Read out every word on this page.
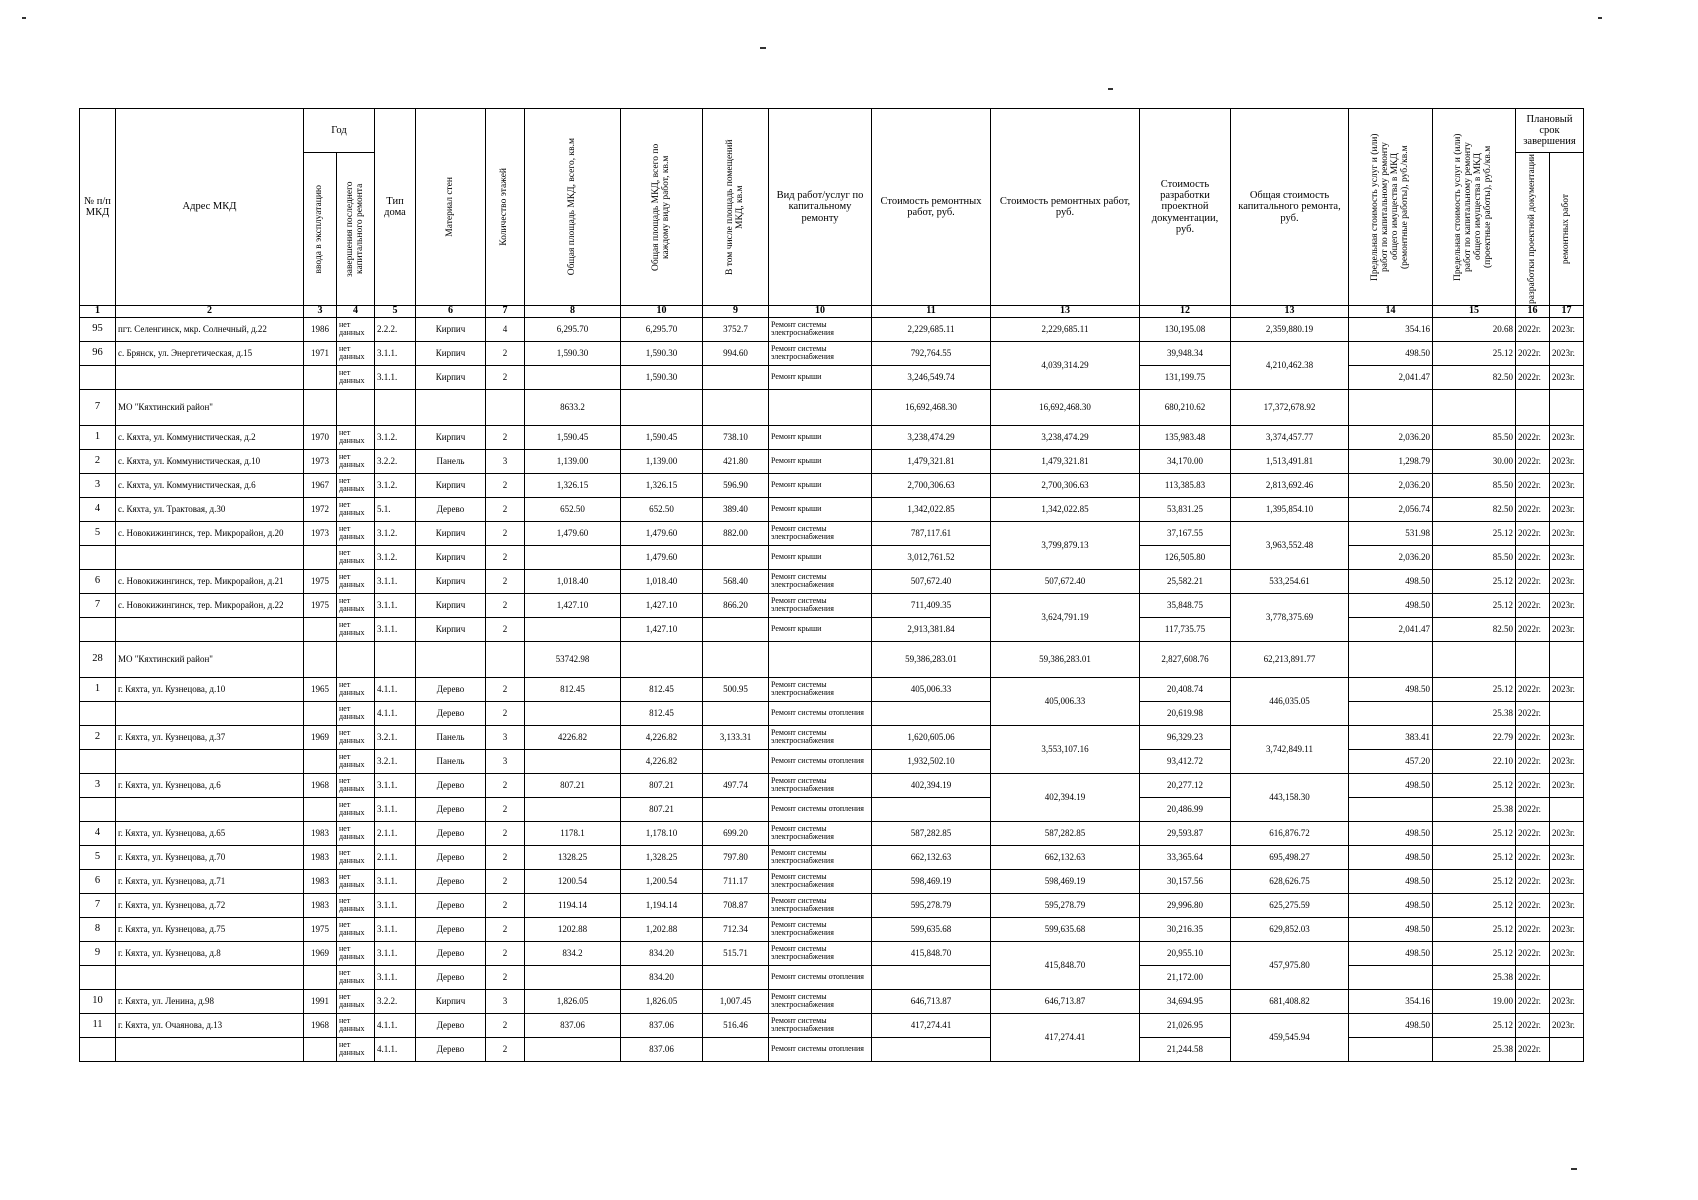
№ п/п МКД	Адрес МКД	Год		Тип дома	Материал стен	Количество этажей	Общая площадь МКД, всего, кв.м	Общая площадь МКД, всего по каждому виду работ, кв.м	В том числе площадь помещений МКД, кв.м	Вид работ/услуг по капитальному ремонту	Стоимость ремонтных работ, руб.	Стоимость ремонтных работ, руб.	Стоимость разработки проектной документации, руб.	Общая стоимость капитального ремонта, руб.	Предельная стоимость услуг и (или) работ по капитальному ремонту общего имущества в МКД (ремонтные работы), руб./кв.м	Предельная стоимость услуг и (или) работ по капитальному ремонту общего имущества в МКД (проектные работы), руб./кв.м	Плановый срок завершения	

		ввода в эксплуатацию	завершения последнего капитального ремонта														разработки проектной документации	ремонтных работ

1	2	3	4	5	6	7	8	10	9	10	11	13	12	13	14	15	16	17
95	пгт. Селенгинск, мкр. Солнечный, д.22	1986	нет данных	2.2.2.	Кирпич	4	6,295.70	6,295.70	3752.7	Ремонт системы электроснабжения	2,229,685.11	2,229,685.11	130,195.08	2,359,880.19	354.16	20.68	2022г.	2023г.
96	с. Брянск, ул. Энергетическая, д.15	1971	нет данных	3.1.1.	Кирпич	2	1,590.30	1,590.30	994.60	Ремонт системы электроснабжения	792,764.55	4,039,314.29	39,948.34	4,210,462.38	498.50	25.12	2022г.	2023г.
			нет данных	3.1.1.	Кирпич	2		1,590.30		Ремонт крыши	3,246,549.74		131,199.75		2,041.47	82.50	2022г.	2023г.
7	МО "Кяхтинский район"						8633.2				16,692,468.30	16,692,468.30	680,210.62	17,372,678.92				
1	с. Кяхта, ул. Коммунистическая, д.2	1970	нет данных	3.1.2.	Кирпич	2	1,590.45	1,590.45	738.10	Ремонт крыши	3,238,474.29	3,238,474.29	135,983.48	3,374,457.77	2,036.20	85.50	2022г.	2023г.
2	с. Кяхта, ул. Коммунистическая, д.10	1973	нет данных	3.2.2.	Панель	3	1,139.00	1,139.00	421.80	Ремонт крыши	1,479,321.81	1,479,321.81	34,170.00	1,513,491.81	1,298.79	30.00	2022г.	2023г.
3	с. Кяхта, ул. Коммунистическая, д.6	1967	нет данных	3.1.2.	Кирпич	2	1,326.15	1,326.15	596.90	Ремонт крыши	2,700,306.63	2,700,306.63	113,385.83	2,813,692.46	2,036.20	85.50	2022г.	2023г.
4	с. Кяхта, ул. Трактовая, д.30	1972	нет данных	5.1.	Дерево	2	652.50	652.50	389.40	Ремонт крыши	1,342,022.85	1,342,022.85	53,831.25	1,395,854.10	2,056.74	82.50	2022г.	2023г.
5	с. Новокижингинск, тер. Микрорайон, д.20	1973	нет данных	3.1.2.	Кирпич	2	1,479.60	1,479.60	882.00	Ремонт системы электроснабжения	787,117.61	3,799,879.13	37,167.55	3,963,552.48	531.98	25.12	2022г.	2023г.
			нет данных	3.1.2.	Кирпич	2		1,479.60		Ремонт крыши	3,012,761.52		126,505.80		2,036.20	85.50	2022г.	2023г.
6	с. Новокижингинск, тер. Микрорайон, д.21	1975	нет данных	3.1.1.	Кирпич	2	1,018.40	1,018.40	568.40	Ремонт системы электроснабжения	507,672.40	507,672.40	25,582.21	533,254.61	498.50	25.12	2022г.	2023г.
7	с. Новокижингинск, тер. Микрорайон, д.22	1975	нет данных	3.1.1.	Кирпич	2	1,427.10	1,427.10	866.20	Ремонт системы электроснабжения	711,409.35	3,624,791.19	35,848.75	3,778,375.69	498.50	25.12	2022г.	2023г.
			нет данных	3.1.1.	Кирпич	2		1,427.10		Ремонт крыши	2,913,381.84		117,735.75		2,041.47	82.50	2022г.	2023г.
28	МО "Кяхтинский район"						53742.98				59,386,283.01	59,386,283.01	2,827,608.76	62,213,891.77				
1	г. Кяхта, ул. Кузнецова, д.10	1965	нет данных	4.1.1.	Дерево	2	812.45	812.45	500.95	Ремонт системы электроснабжения	405,006.33	405,006.33	20,408.74	446,035.05	498.50	25.12	2022г.	2023г.
			нет данных	4.1.1.	Дерево	2		812.45		Ремонт системы отопления			20,619.98			25.38	2022г.	
2	г. Кяхта, ул. Кузнецова, д.37	1969	нет данных	3.2.1.	Панель	3	4226.82	4,226.82	3,133.31	Ремонт системы электроснабжения	1,620,605.06	3,553,107.16	96,329.23	3,742,849.11	383.41	22.79	2022г.	2023г.
			нет данных	3.2.1.	Панель	3		4,226.82		Ремонт системы отопления	1,932,502.10		93,412.72		457.20	22.10	2022г.	2023г.
3	г. Кяхта, ул. Кузнецова, д.6	1968	нет данных	3.1.1.	Дерево	2	807.21	807.21	497.74	Ремонт системы электроснабжения	402,394.19	402,394.19	20,277.12	443,158.30	498.50	25.12	2022г.	2023г.
			нет данных	3.1.1.	Дерево	2		807.21		Ремонт системы отопления			20,486.99			25.38	2022г.	
4	г. Кяхта, ул. Кузнецова, д.65	1983	нет данных	2.1.1.	Дерево	2	1178.1	1,178.10	699.20	Ремонт системы электроснабжения	587,282.85	587,282.85	29,593.87	616,876.72	498.50	25.12	2022г.	2023г.
5	г. Кяхта, ул. Кузнецова, д.70	1983	нет данных	2.1.1.	Дерево	2	1328.25	1,328.25	797.80	Ремонт системы электроснабжения	662,132.63	662,132.63	33,365.64	695,498.27	498.50	25.12	2022г.	2023г.
6	г. Кяхта, ул. Кузнецова, д.71	1983	нет данных	3.1.1.	Дерево	2	1200.54	1,200.54	711.17	Ремонт системы электроснабжения	598,469.19	598,469.19	30,157.56	628,626.75	498.50	25.12	2022г.	2023г.
7	г. Кяхта, ул. Кузнецова, д.72	1983	нет данных	3.1.1.	Дерево	2	1194.14	1,194.14	708.87	Ремонт системы электроснабжения	595,278.79	595,278.79	29,996.80	625,275.59	498.50	25.12	2022г.	2023г.
8	г. Кяхта, ул. Кузнецова, д.75	1975	нет данных	3.1.1.	Дерево	2	1202.88	1,202.88	712.34	Ремонт системы электроснабжения	599,635.68	599,635.68	30,216.35	629,852.03	498.50	25.12	2022г.	2023г.
9	г. Кяхта, ул. Кузнецова, д.8	1969	нет данных	3.1.1.	Дерево	2	834.2	834.20	515.71	Ремонт системы электроснабжения	415,848.70	415,848.70	20,955.10	457,975.80	498.50	25.12	2022г.	2023г.
			нет данных	3.1.1.	Дерево	2		834.20		Ремонт системы отопления			21,172.00			25.38	2022г.	
10	г. Кяхта, ул. Ленина, д.98	1991	нет данных	3.2.2.	Кирпич	3	1,826.05	1,826.05	1,007.45	Ремонт системы электроснабжения	646,713.87	646,713.87	34,694.95	681,408.82	354.16	19.00	2022г.	2023г.
11	г. Кяхта, ул. Очаянова, д.13	1968	нет данных	4.1.1.	Дерево	2	837.06	837.06	516.46	Ремонт системы электроснабжения	417,274.41	417,274.41	21,026.95	459,545.94	498.50	25.12	2022г.	2023г.
			нет данных	4.1.1.	Дерево	2		837.06		Ремонт системы отопления			21,244.58			25.38	2022г.	
